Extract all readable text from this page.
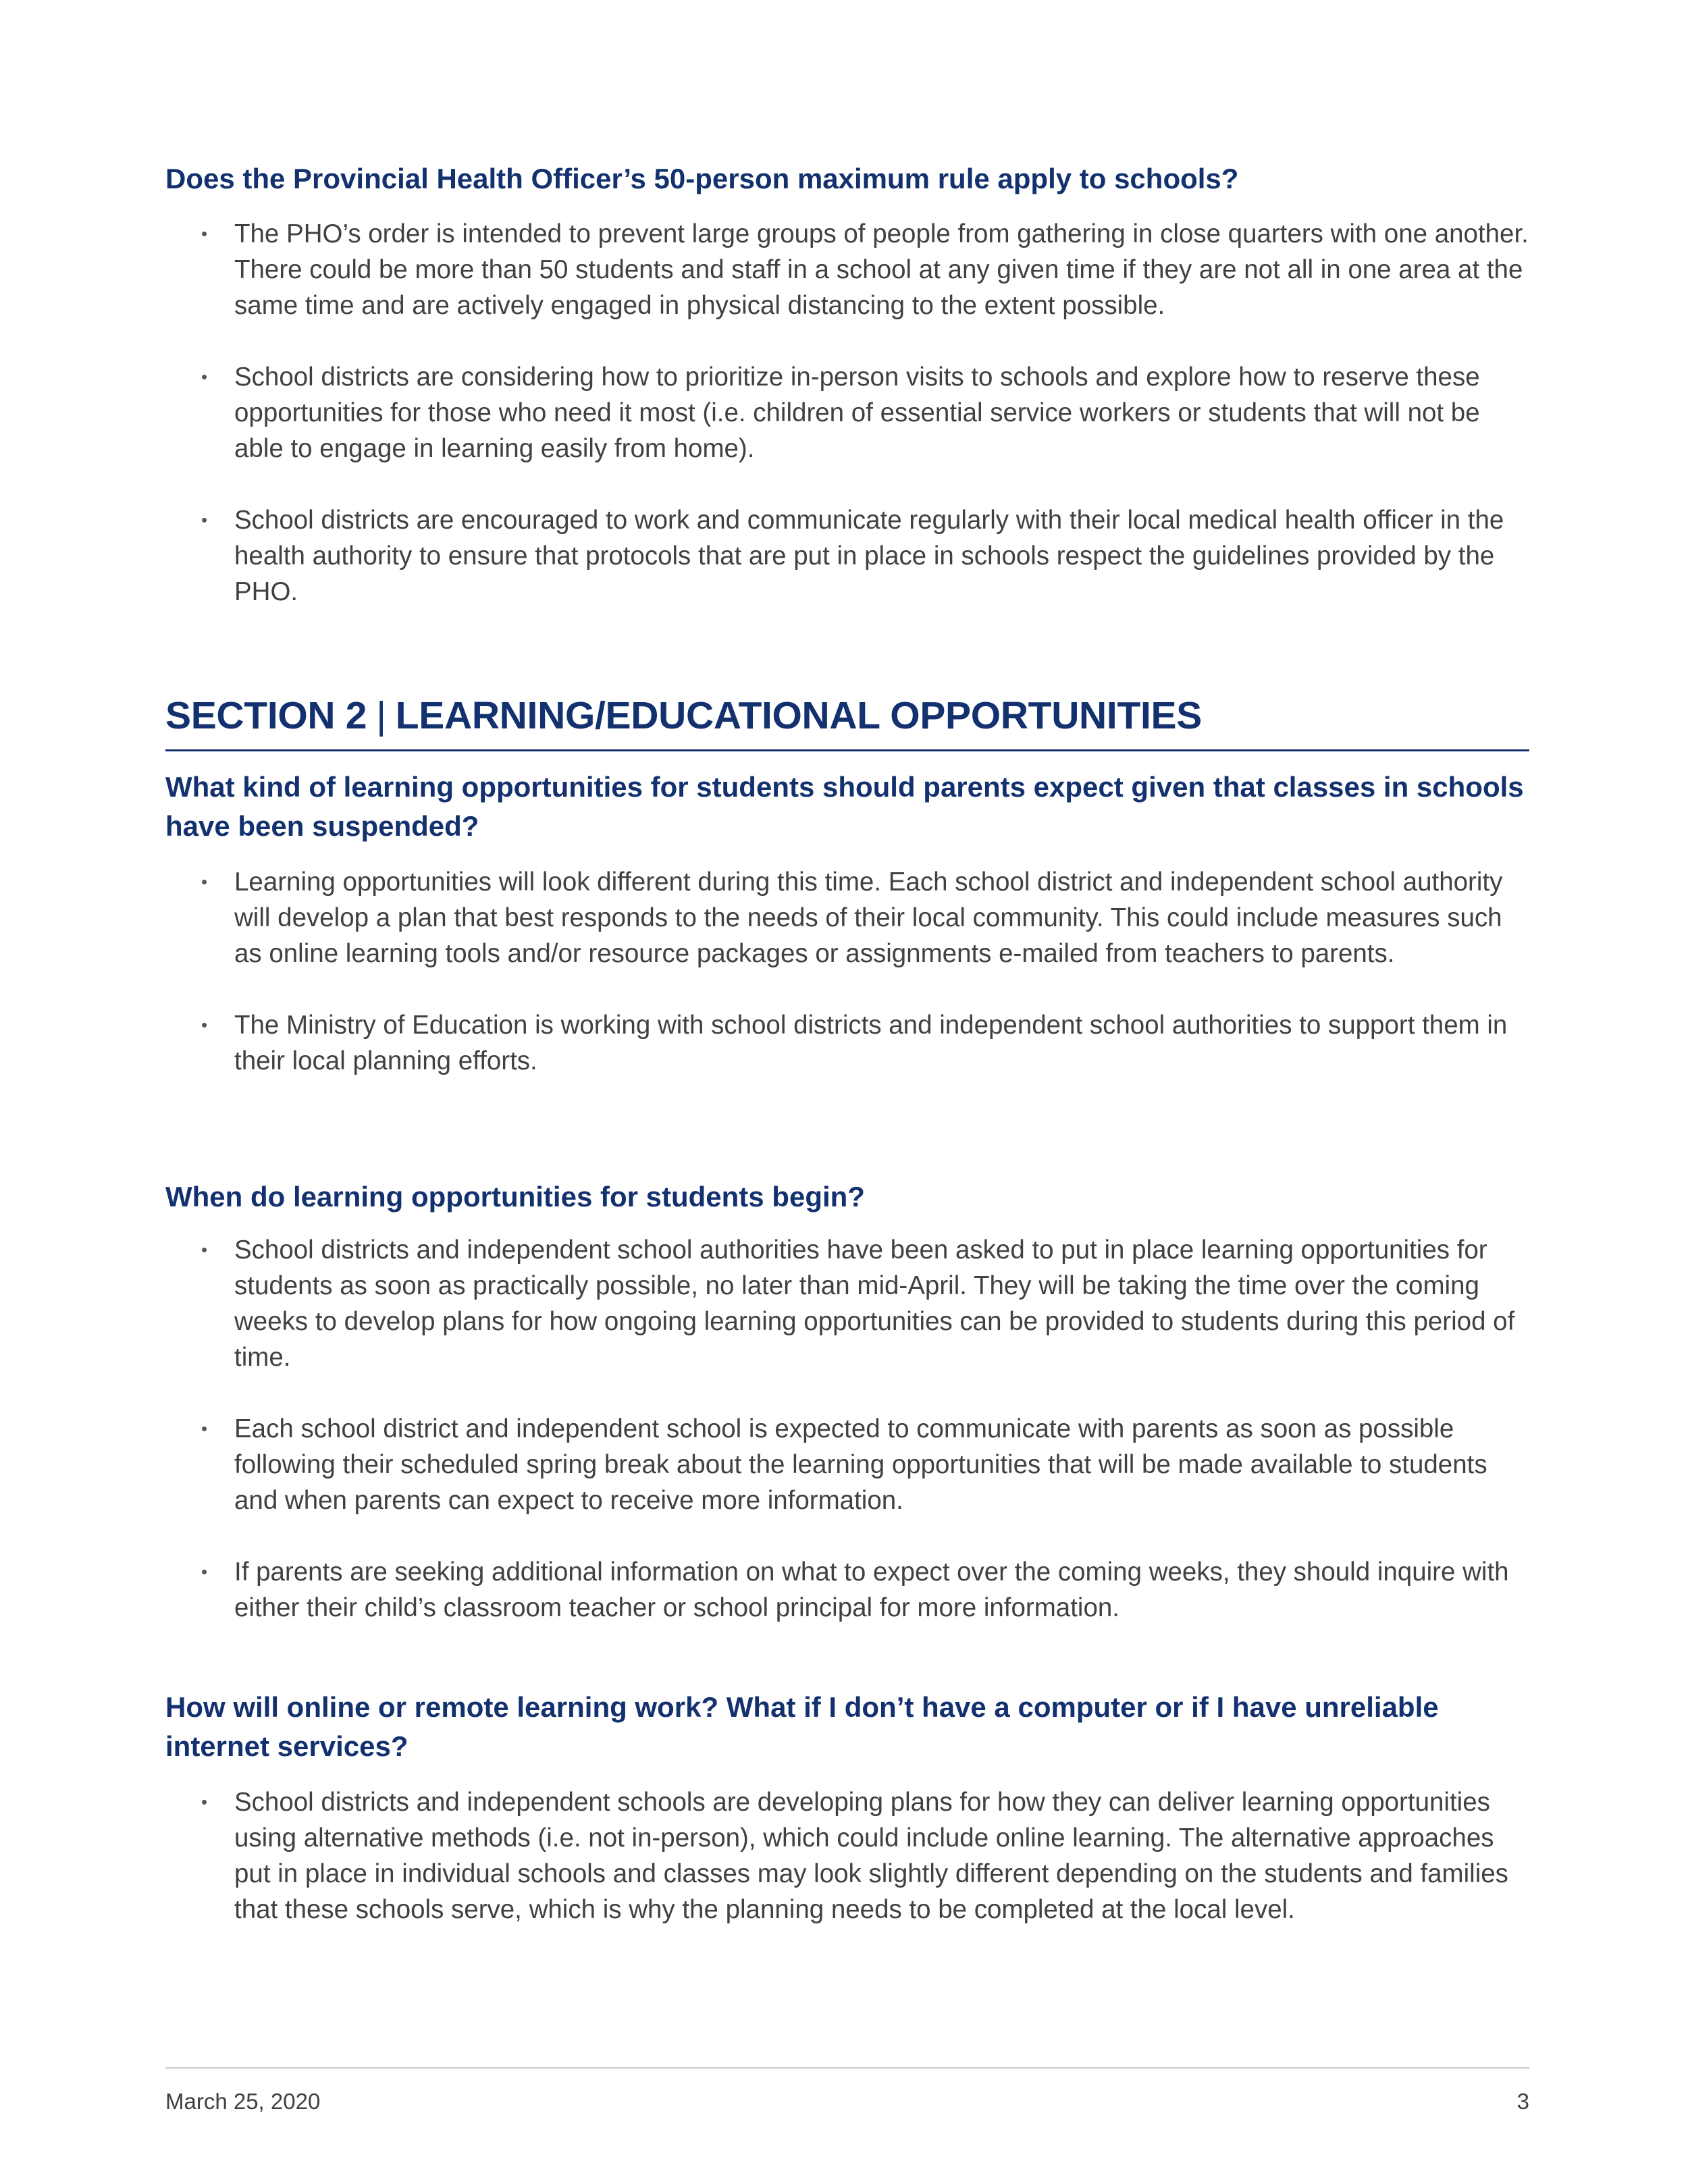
Does the Provincial Health Officer’s 50-person maximum rule apply to schools?
• The PHO’s order is intended to prevent large groups of people from gathering in close quarters with one another. There could be more than 50 students and staff in a school at any given time if they are not all in one area at the same time and are actively engaged in physical distancing to the extent possible.
• School districts are considering how to prioritize in-person visits to schools and explore how to reserve these opportunities for those who need it most (i.e. children of essential service workers or students that will not be able to engage in learning easily from home).
• School districts are encouraged to work and communicate regularly with their local medical health officer in the health authority to ensure that protocols that are put in place in schools respect the guidelines provided by the PHO.
SECTION 2 | LEARNING/EDUCATIONAL OPPORTUNITIES
What kind of learning opportunities for students should parents expect given that classes in schools have been suspended?
• Learning opportunities will look different during this time. Each school district and independent school authority will develop a plan that best responds to the needs of their local community. This could include measures such as online learning tools and/or resource packages or assignments e-mailed from teachers to parents.
• The Ministry of Education is working with school districts and independent school authorities to support them in their local planning efforts.
When do learning opportunities for students begin?
• School districts and independent school authorities have been asked to put in place learning opportunities for students as soon as practically possible, no later than mid-April. They will be taking the time over the coming weeks to develop plans for how ongoing learning opportunities can be provided to students during this period of time.
• Each school district and independent school is expected to communicate with parents as soon as possible following their scheduled spring break about the learning opportunities that will be made available to students and when parents can expect to receive more information.
• If parents are seeking additional information on what to expect over the coming weeks, they should inquire with either their child’s classroom teacher or school principal for more information.
How will online or remote learning work? What if I don’t have a computer or if I have unreliable internet services?
• School districts and independent schools are developing plans for how they can deliver learning opportunities using alternative methods (i.e. not in-person), which could include online learning. The alternative approaches put in place in individual schools and classes may look slightly different depending on the students and families that these schools serve, which is why the planning needs to be completed at the local level.
March 25, 2020	3
